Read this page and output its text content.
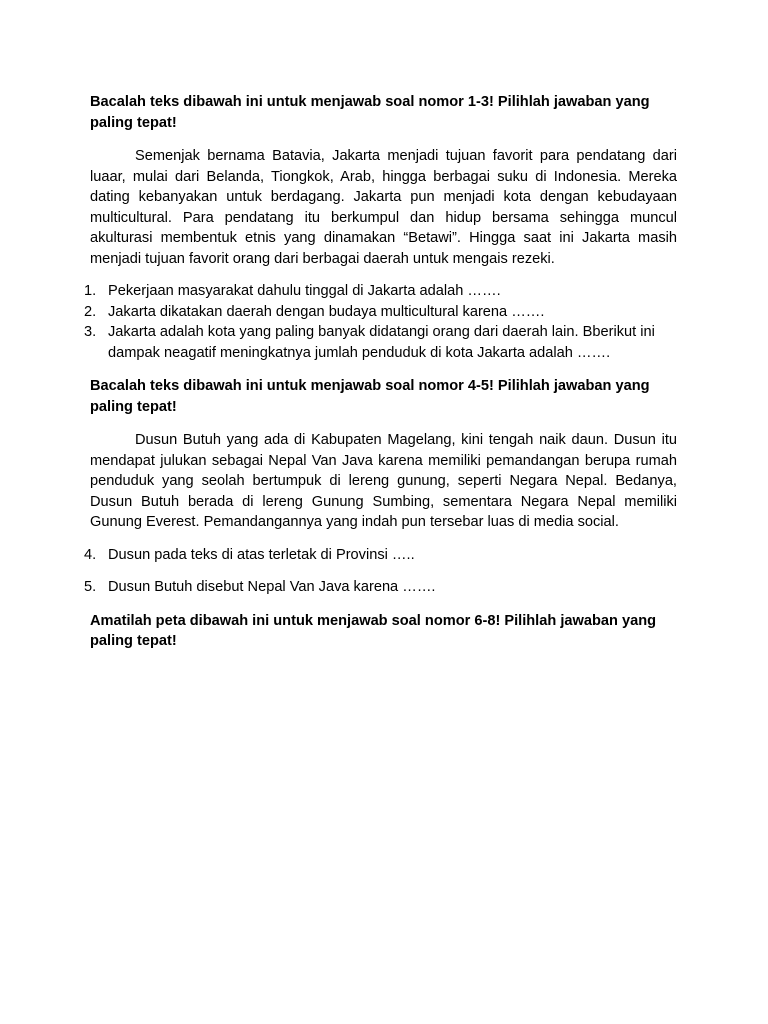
Bacalah teks dibawah ini untuk menjawab soal nomor 1-3! Pilihlah jawaban yang paling tepat!

Semenjak bernama Batavia, Jakarta menjadi tujuan favorit para pendatang dari luaar, mulai dari Belanda, Tiongkok, Arab, hingga berbagai suku di Indonesia. Mereka dating kebanyakan untuk berdagang. Jakarta pun menjadi kota dengan kebudayaan multicultural. Para pendatang itu berkumpul dan hidup bersama sehingga muncul akulturasi membentuk etnis yang dinamakan “Betawi”. Hingga saat ini Jakarta masih menjadi tujuan favorit orang dari berbagai daerah untuk mengais rezeki.

1. Pekerjaan masyarakat dahulu tinggal di Jakarta adalah …….
2. Jakarta dikatakan daerah dengan budaya multicultural karena …….
3. Jakarta adalah kota yang paling banyak didatangi orang dari daerah lain. Bberikut ini dampak neagatif meningkatnya jumlah penduduk di kota Jakarta adalah …….

Bacalah teks dibawah ini untuk menjawab soal nomor 4-5! Pilihlah jawaban yang paling tepat!

Dusun Butuh yang ada di Kabupaten Magelang, kini tengah naik daun. Dusun itu mendapat julukan sebagai Nepal Van Java karena memiliki pemandangan berupa rumah penduduk yang seolah bertumpuk di lereng gunung, seperti Negara Nepal. Bedanya, Dusun Butuh berada di lereng Gunung Sumbing, sementara Negara Nepal memiliki Gunung Everest. Pemandangannya yang indah pun tersebar luas di media social.

4. Dusun pada teks di atas terletak di Provinsi …..
5. Dusun Butuh disebut Nepal Van Java karena …….

Amatilah peta dibawah ini untuk menjawab soal nomor 6-8! Pilihlah jawaban yang paling tepat!
